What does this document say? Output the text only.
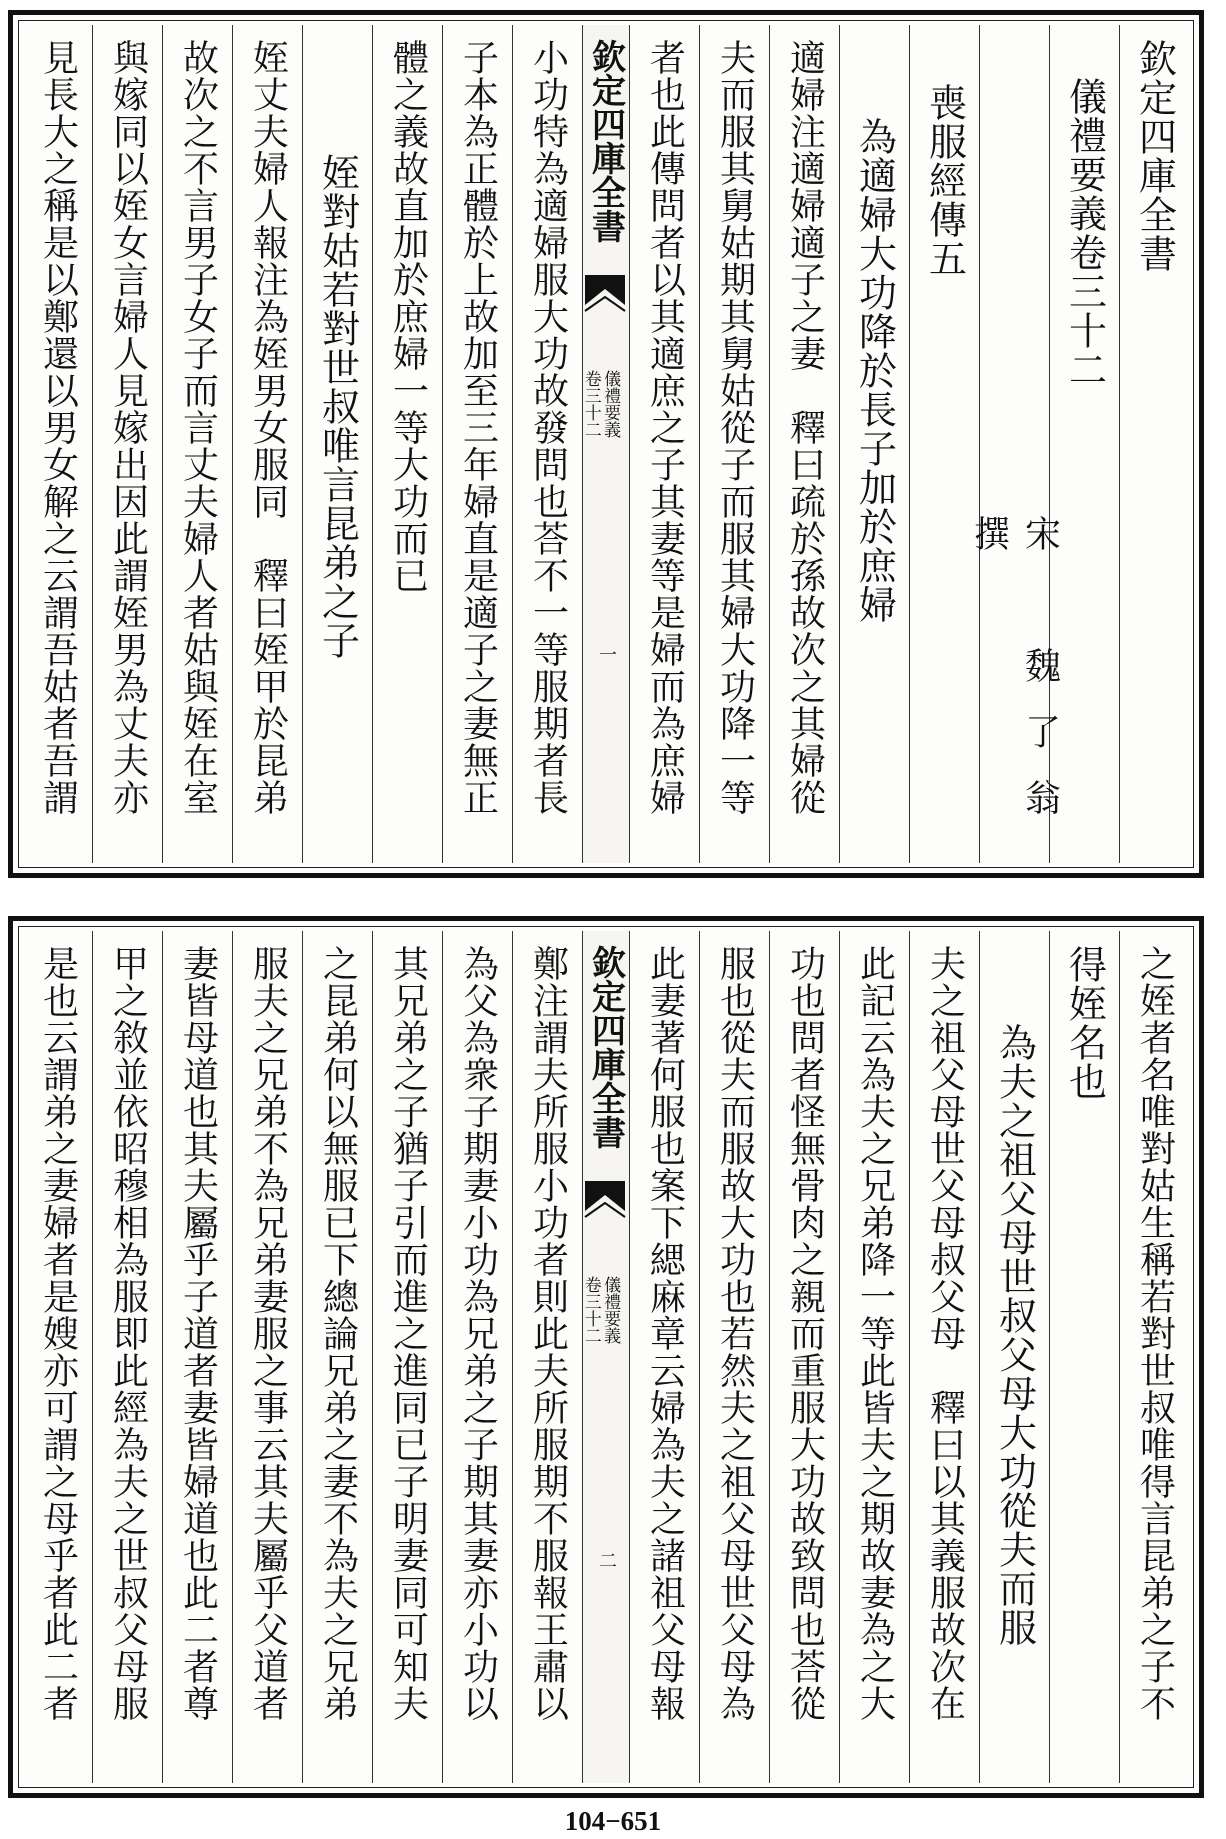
欽定四庫全書
儀禮要義卷三十二
宋　魏了翁　撰
喪服經傳五
為適婦大功降於長子加於庶婦
適婦注適婦適子之妻　釋曰疏於孫故次之其婦從
夫而服其舅姑期其舅姑從子而服其婦大功降一等
者也此傳問者以其適庶之子其妻等是婦而為庶婦
欽定四庫全書
儀禮要義
卷三十二
一
小功特為適婦服大功故發問也荅不一等服期者長
子本為正體於上故加至三年婦直是適子之妻無正
體之義故直加於庶婦一等大功而已
姪對姑若對世叔唯言昆弟之子
姪丈夫婦人報注為姪男女服同　釋曰姪甲於昆弟
故次之不言男子女子而言丈夫婦人者姑與姪在室
與嫁同以姪女言婦人見嫁出因此謂姪男為丈夫亦
見長大之稱是以鄭還以男女解之云謂吾姑者吾謂
之姪者名唯對姑生稱若對世叔唯得言昆弟之子不
得姪名也
為夫之祖父母世叔父母大功從夫而服
夫之祖父母世父母叔父母　釋曰以其義服故次在
此記云為夫之兄弟降一等此皆夫之期故妻為之大
功也問者怪無骨肉之親而重服大功故致問也荅從
服也從夫而服故大功也若然夫之祖父母世父母為
此妻著何服也案下緦麻章云婦為夫之諸祖父母報
欽定四庫全書
儀禮要義
卷三十二
二
鄭注謂夫所服小功者則此夫所服期不服報王肅以
為父為衆子期妻小功為兄弟之子期其妻亦小功以
其兄弟之子猶子引而進之進同已子明妻同可知夫
之昆弟何以無服已下總論兄弟之妻不為夫之兄弟
服夫之兄弟不為兄弟妻服之事云其夫屬乎父道者
妻皆母道也其夫屬乎子道者妻皆婦道也此二者尊
甲之敘並依昭穆相為服即此經為夫之世叔父母服
是也云謂弟之妻婦者是嫂亦可謂之母乎者此二者
104−651
